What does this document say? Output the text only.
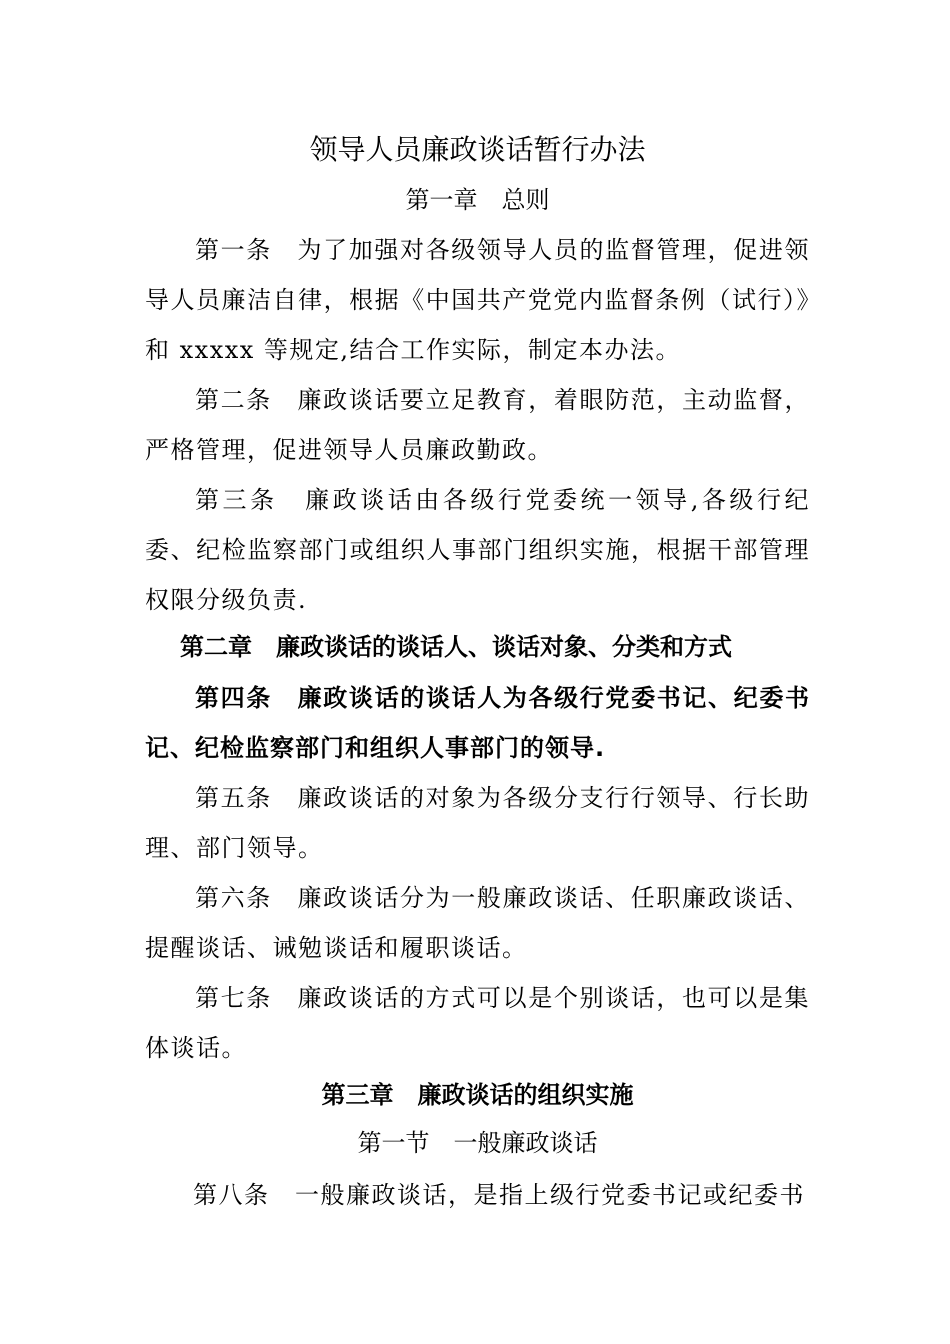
领导人员廉政谈话暂行办法
第一章　总则
第一条　为了加强对各级领导人员的监督管理，促进领导人员廉洁自律，根据《中国共产党党内监督条例（试行）》和 xxxxx 等规定,结合工作实际，制定本办法。
第二条　廉政谈话要立足教育，着眼防范，主动监督，严格管理，促进领导人员廉政勤政。
第三条　廉政谈话由各级行党委统一领导,各级行纪委、纪检监察部门或组织人事部门组织实施，根据干部管理权限分级负责.
第二章　廉政谈话的谈话人、谈话对象、分类和方式
第四条　廉政谈话的谈话人为各级行党委书记、纪委书记、纪检监察部门和组织人事部门的领导.
第五条　廉政谈话的对象为各级分支行行领导、行长助理、部门领导。
第六条　廉政谈话分为一般廉政谈话、任职廉政谈话、提醒谈话、诫勉谈话和履职谈话。
第七条　廉政谈话的方式可以是个别谈话，也可以是集体谈话。
第三章　廉政谈话的组织实施
第一节　一般廉政谈话
第八条　一般廉政谈话，是指上级行党委书记或纪委书
